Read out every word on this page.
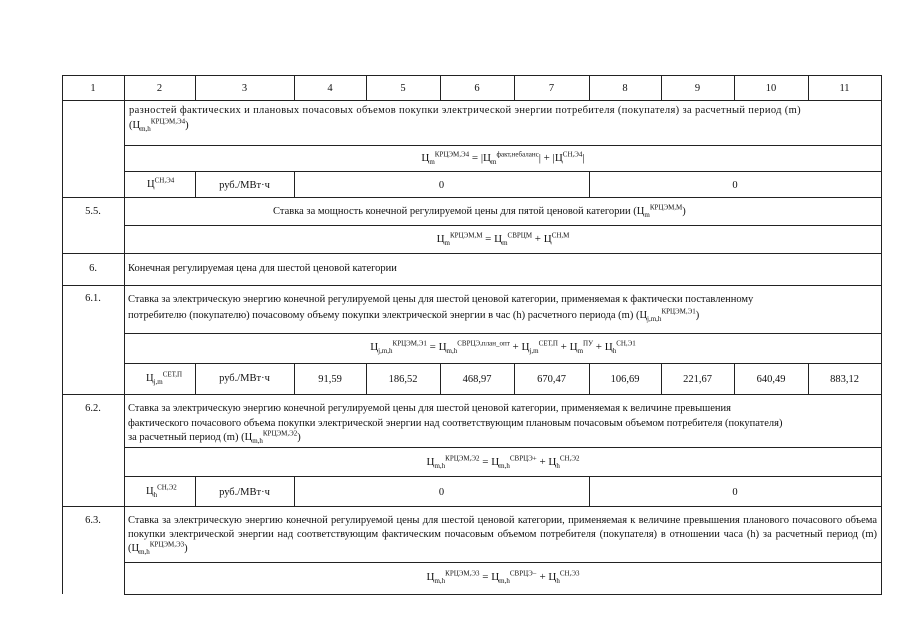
1	2	3	4	5	6	7	8	9	10	11
разностей фактических и плановых почасовых объемов покупки электрической энергии потребителя (покупателя) за расчетный период (m)
$(Ц_{m,h}^{КРЦЭМ,Э4})$
$Ц_m^{КРЦЭМ,Э4} = |Ц_m^{факт,небаланс}| + |Ц^{СН,Э4}|$
$Ц^{СН,Э4}$	руб./МВт·ч	0	0
5.5.	Ставка за мощность конечной регулируемой цены для пятой ценовой категории $(Ц_m^{КРЦЭМ,М})$
$Ц_m^{КРЦЭМ,М} = Ц_m^{СВРЦМ} + Ц^{СН,М}$
6.	Конечная регулируемая цена для шестой ценовой категории
6.1.	Ставка за электрическую энергию конечной регулируемой цены для шестой ценовой категории, применяемая к фактически поставленному
потребителю (покупателю) почасовому объему покупки электрической энергии в час (h) расчетного периода (m) $(Ц_{j,m,h}^{КРЦЭМ,Э1})$
$Ц_{j,m,h}^{КРЦЭМ,Э1} = Ц_{m,h}^{СВРЦЭ,план\_опт} + Ц_{j,m}^{СЕТ,П} + Ц_m^{ПУ} + Ц_h^{СН,Э1}$
$Ц_{j,m}^{СЕТ,П}$	руб./МВт·ч	91,59	186,52	468,97	670,47	106,69	221,67	640,49	883,12
6.2.	Ставка за электрическую энергию конечной регулируемой цены для шестой ценовой категории, применяемая к величине превышения
фактического почасового объема покупки электрической энергии над соответствующим плановым почасовым объемом потребителя (покупателя)
за расчетный период (m) $(Ц_{m,h}^{КРЦЭМ,Э2})$
$Ц_{m,h}^{КРЦЭМ,Э2} = Ц_{m,h}^{СВРЦЭ+} + Ц_h^{СН,Э2}$
$Ц_h^{СН,Э2}$	руб./МВт·ч	0	0
6.3.	Ставка за электрическую энергию конечной регулируемой цены для шестой ценовой категории, применяемая к величине превышения планового почасового объема покупки электрической энергии над соответствующим фактическим почасовым объемом потребителя (покупателя) в отношении часа (h) за расчетный период (m) $(Ц_{m,h}^{КРЦЭМ,Э3})$
$Ц_{m,h}^{КРЦЭМ,Э3} = Ц_{m,h}^{СВРЦЭ-} + Ц_h^{СН,Э3}$
